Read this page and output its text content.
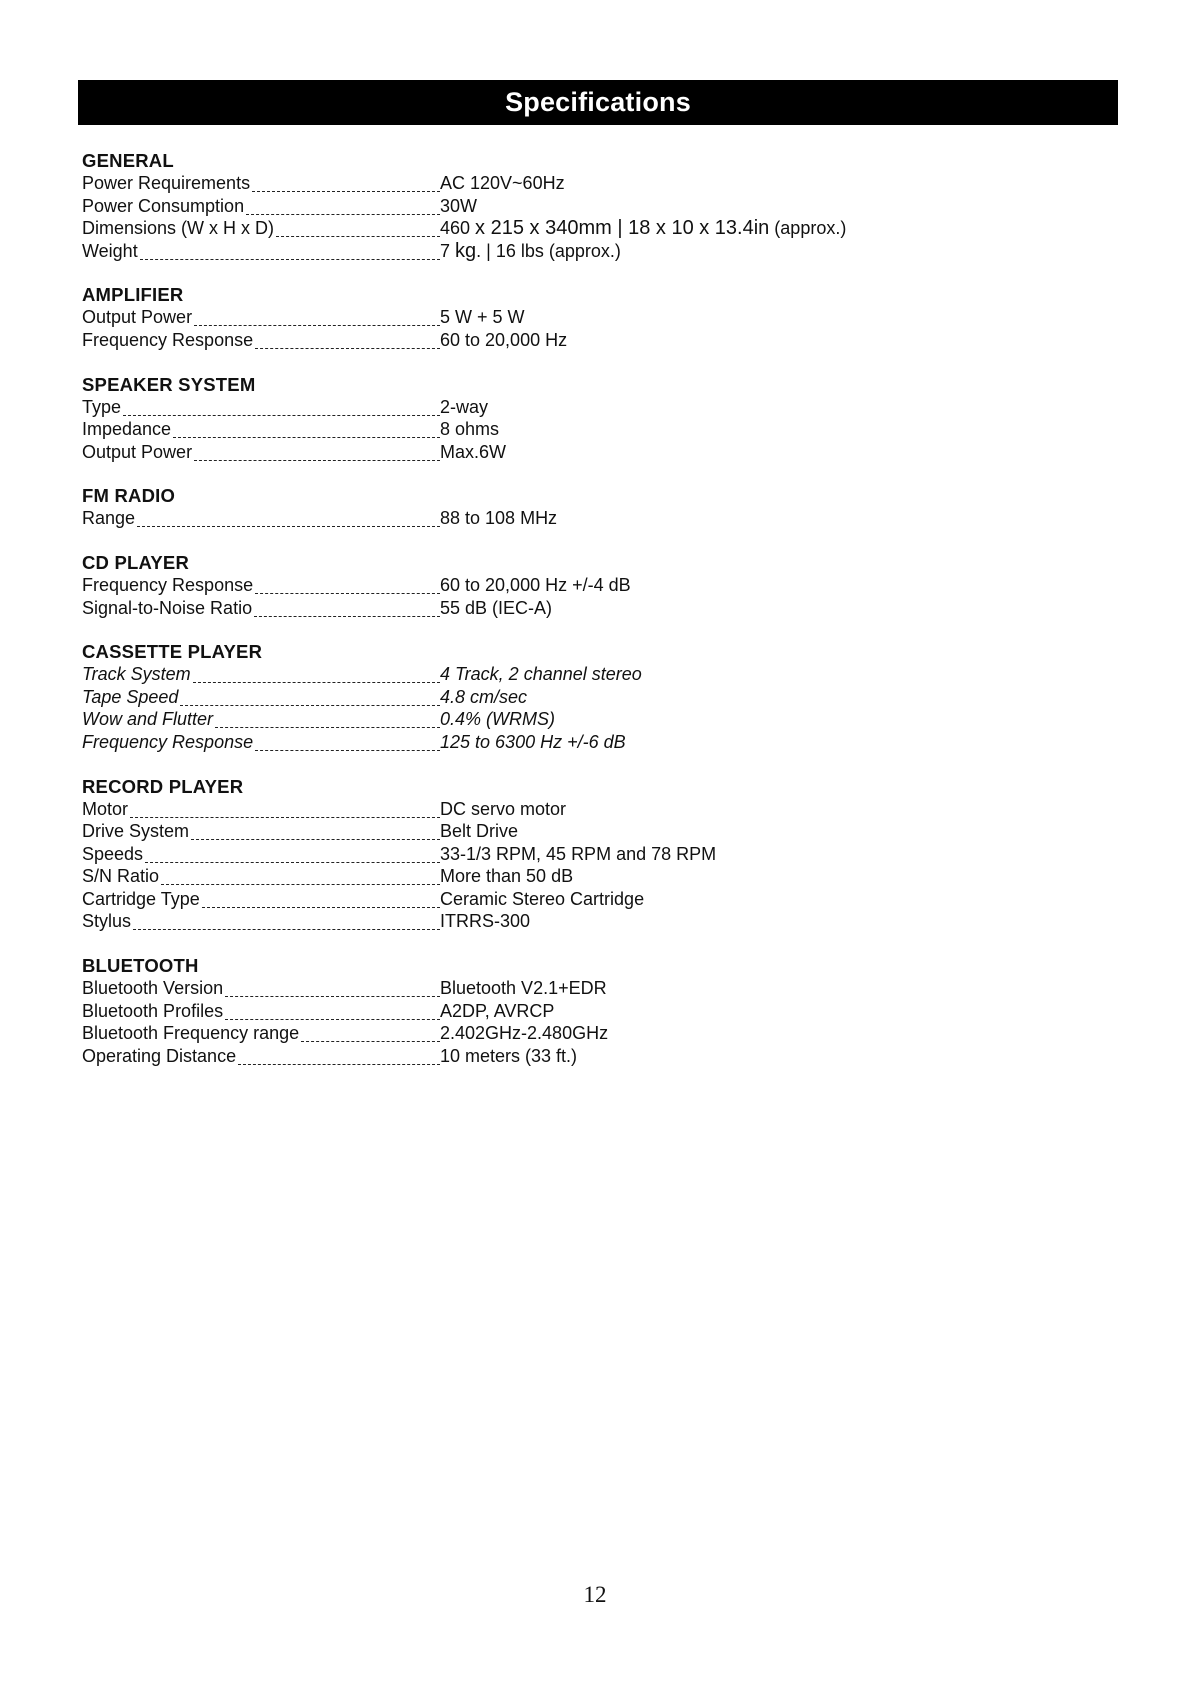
Specifications
GENERAL
Power Requirements	AC 120V~60Hz
Power Consumption	30W
Dimensions (W x H x D)	460 x 215 x 340mm | 18 x 10 x 13.4in (approx.)
Weight	7 kg. | 16 lbs (approx.)
AMPLIFIER
Output Power	5 W + 5 W
Frequency Response	60 to 20,000 Hz
SPEAKER SYSTEM
Type	2-way
Impedance	8 ohms
Output Power	Max.6W
FM RADIO
Range	88 to 108 MHz
CD PLAYER
Frequency Response	60 to 20,000 Hz +/-4 dB
Signal-to-Noise Ratio	55 dB (IEC-A)
CASSETTE PLAYER
Track System	4 Track, 2 channel stereo
Tape Speed	4.8 cm/sec
Wow and Flutter	0.4% (WRMS)
Frequency Response	125 to 6300 Hz +/-6 dB
RECORD PLAYER
Motor	DC servo motor
Drive System	Belt Drive
Speeds	33-1/3 RPM, 45 RPM and 78 RPM
S/N Ratio	More than 50 dB
Cartridge Type	Ceramic Stereo Cartridge
Stylus	ITRRS-300
BLUETOOTH
Bluetooth Version	Bluetooth V2.1+EDR
Bluetooth Profiles	A2DP, AVRCP
Bluetooth Frequency range	2.402GHz-2.480GHz
Operating Distance	10 meters (33 ft.)
12
